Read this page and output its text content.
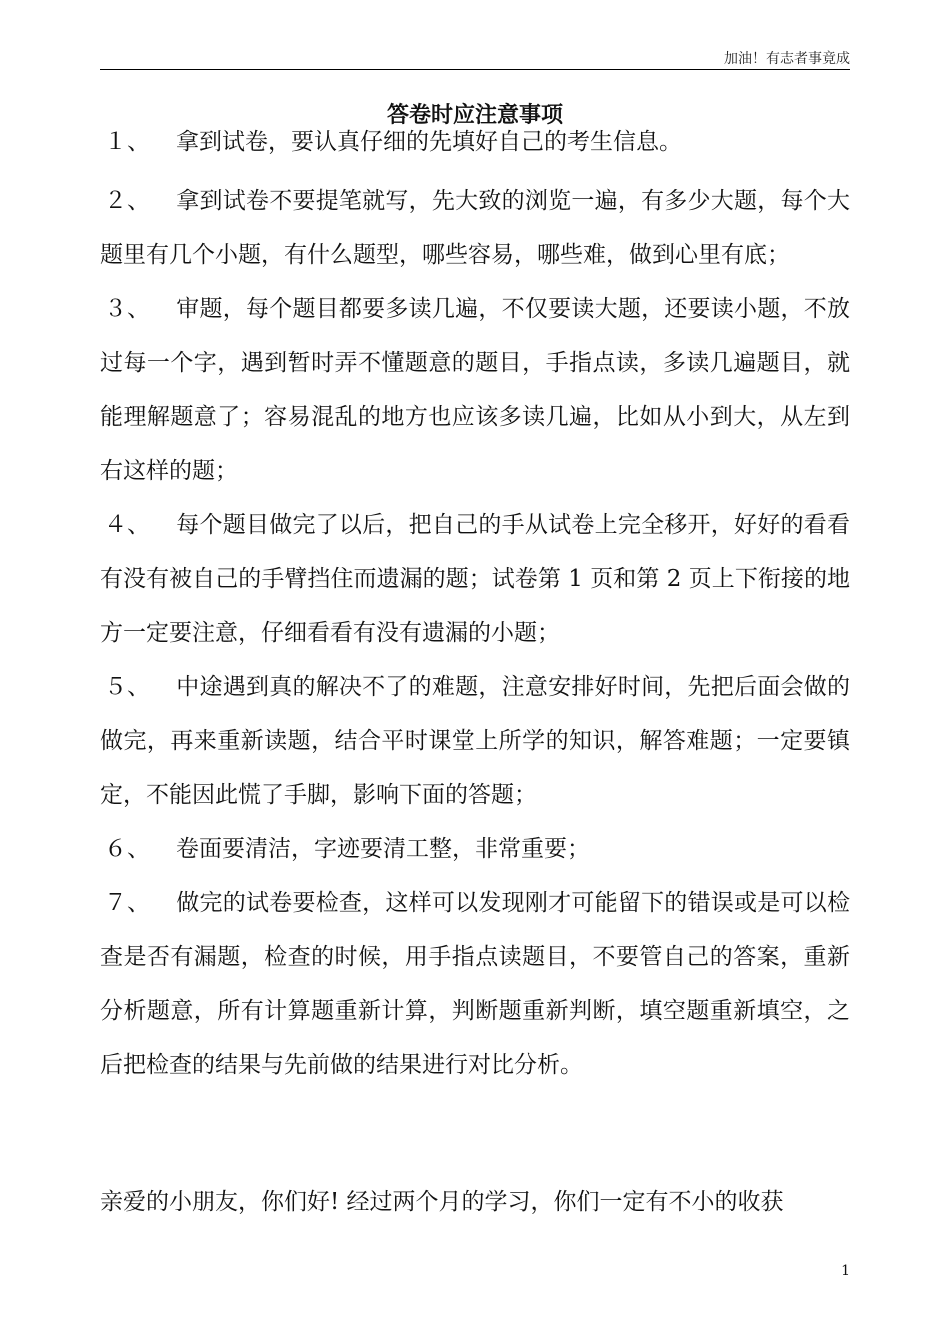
加油！有志者事竟成
答卷时应注意事项

１、 拿到试卷，要认真仔细的先填好自己的考生信息。

２、 拿到试卷不要提笔就写，先大致的浏览一遍，有多少大题，每个大题里有几个小题，有什么题型，哪些容易，哪些难，做到心里有底；

３、 审题，每个题目都要多读几遍，不仅要读大题，还要读小题，不放过每一个字，遇到暂时弄不懂题意的题目，手指点读，多读几遍题目，就能理解题意了；容易混乱的地方也应该多读几遍，比如从小到大，从左到右这样的题；

４、 每个题目做完了以后，把自己的手从试卷上完全移开，好好的看看有没有被自己的手臂挡住而遗漏的题；试卷第 1 页和第 2 页上下衔接的地方一定要注意，仔细看看有没有遗漏的小题；

５、 中途遇到真的解决不了的难题，注意安排好时间，先把后面会做的做完，再来重新读题，结合平时课堂上所学的知识，解答难题；一定要镇定，不能因此慌了手脚，影响下面的答题；

６、 卷面要清洁，字迹要清工整，非常重要；

７、 做完的试卷要检查，这样可以发现刚才可能留下的错误或是可以检查是否有漏题，检查的时候，用手指点读题目，不要管自己的答案，重新分析题意，所有计算题重新计算，判断题重新判断，填空题重新填空，之后把检查的结果与先前做的结果进行对比分析。

亲爱的小朋友，你们好! 经过两个月的学习，你们一定有不小的收获

1
